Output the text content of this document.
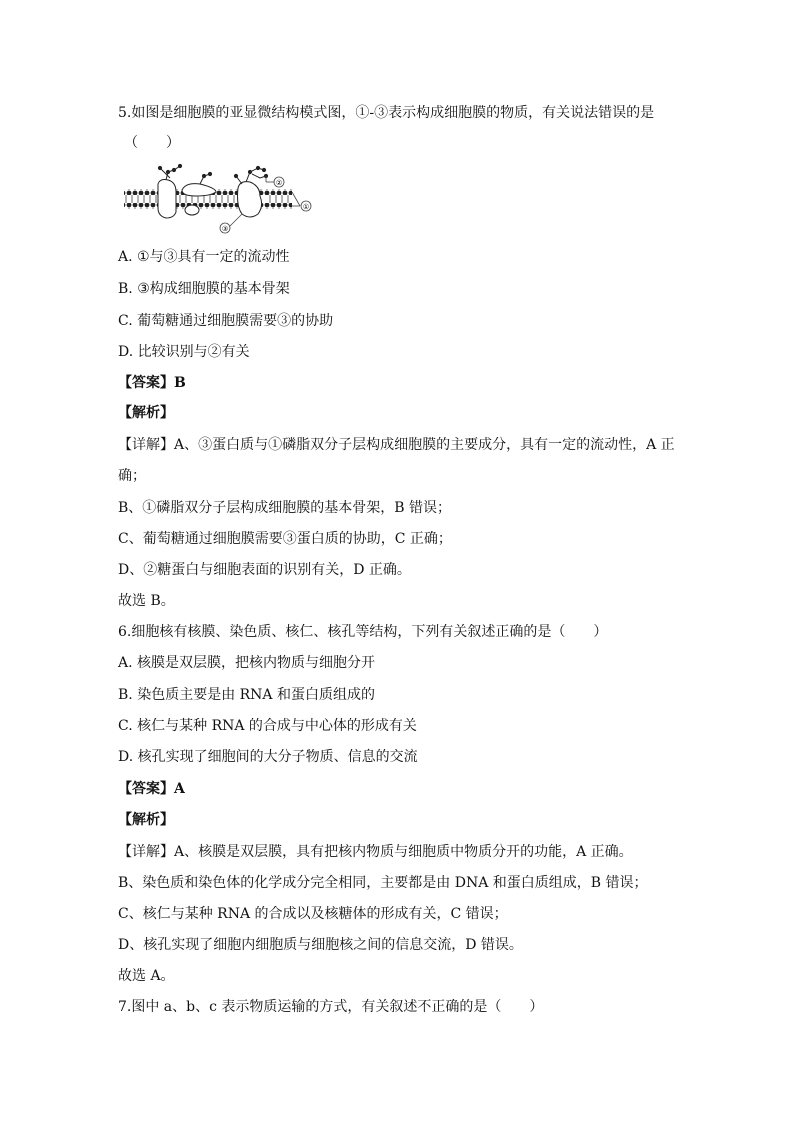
5.如图是细胞膜的亚显微结构模式图，①-③表示构成细胞膜的物质，有关说法错误的是
（　　）
②
①
③
A. ①与③具有一定的流动性
B. ③构成细胞膜的基本骨架
C. 葡萄糖通过细胞膜需要③的协助
D. 比较识别与②有关
【答案】B
【解析】
【详解】A、③蛋白质与①磷脂双分子层构成细胞膜的主要成分，具有一定的流动性，A 正
确；
B、①磷脂双分子层构成细胞膜的基本骨架，B 错误；
C、葡萄糖通过细胞膜需要③蛋白质的协助，C 正确；
D、②糖蛋白与细胞表面的识别有关，D 正确。
故选 B。
6.细胞核有核膜、染色质、核仁、核孔等结构，下列有关叙述正确的是（　　）
A. 核膜是双层膜，把核内物质与细胞分开
B. 染色质主要是由 RNA 和蛋白质组成的
C. 核仁与某种 RNA 的合成与中心体的形成有关
D. 核孔实现了细胞间的大分子物质、信息的交流
【答案】A
【解析】
【详解】A、核膜是双层膜，具有把核内物质与细胞质中物质分开的功能，A 正确。
B、染色质和染色体的化学成分完全相同，主要都是由 DNA 和蛋白质组成，B 错误；
C、核仁与某种 RNA 的合成以及核糖体的形成有关，C 错误；
D、核孔实现了细胞内细胞质与细胞核之间的信息交流，D 错误。
故选 A。
7.图中 a、b、c 表示物质运输的方式，有关叙述不正确的是（　　）
